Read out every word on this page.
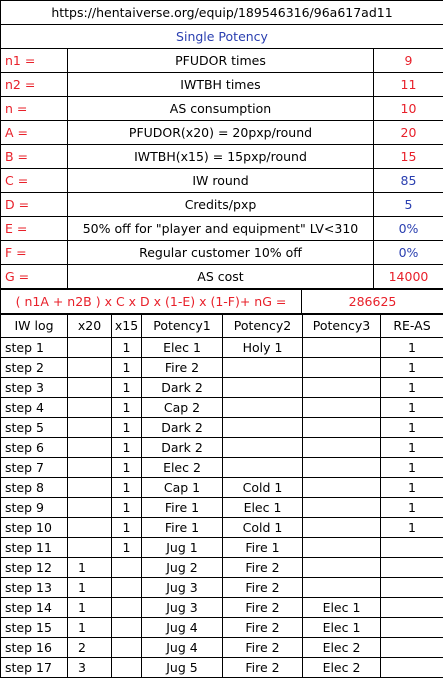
https://hentaiverse.org/equip/189546316/96a617ad11		
Single Potency		
n1 =	PFUDOR times	9
n2 =	IWTBH times	11
n =	AS consumption	10
A =	PFUDOR(x20) = 20pxp/round	20
B =	IWTBH(x15) = 15pxp/round	15
C =	IW round	85
D =	Credits/pxp	5
E =	50% off for "player and equipment" LV<310	0%
F =	Regular customer 10% off	0%
G =	AS cost	14000
( n1A + n2B ) x C x D x (1-E) x (1-F)+ nG =	286625
IW log	x20	x15	Potency1	Potency2	Potency3	RE-AS
step 1		1	Elec 1	Holy 1		1
step 2		1	Fire 2			1
step 3		1	Dark 2			1
step 4		1	Cap 2			1
step 5		1	Dark 2			1
step 6		1	Dark 2			1
step 7		1	Elec 2			1
step 8		1	Cap 1	Cold 1		1
step 9		1	Fire 1	Elec 1		1
step 10		1	Fire 1	Cold 1		1
step 11		1	Jug 1	Fire 1		
step 12	1		Jug 2	Fire 2		
step 13	1		Jug 3	Fire 2		
step 14	1		Jug 3	Fire 2	Elec 1	
step 15	1		Jug 4	Fire 2	Elec 1	
step 16	2		Jug 4	Fire 2	Elec 2	
step 17	3		Jug 5	Fire 2	Elec 2	
